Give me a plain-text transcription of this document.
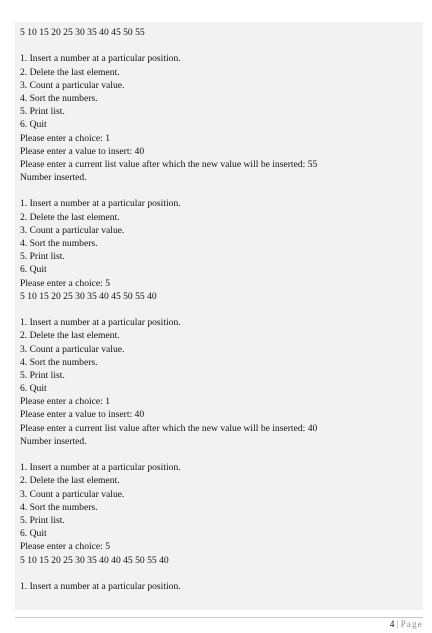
5 10 15 20 25 30 35 40 45 50 55
1. Insert a number at a particular position.
2. Delete the last element.
3. Count a particular value.
4. Sort the numbers.
5. Print list.
6. Quit
Please enter a choice: 1
Please enter a value to insert: 40
Please enter a current list value after which the new value will be inserted: 55
Number inserted.
1. Insert a number at a particular position.
2. Delete the last element.
3. Count a particular value.
4. Sort the numbers.
5. Print list.
6. Quit
Please enter a choice: 5
5 10 15 20 25 30 35 40 45 50 55 40
1. Insert a number at a particular position.
2. Delete the last element.
3. Count a particular value.
4. Sort the numbers.
5. Print list.
6. Quit
Please enter a choice: 1
Please enter a value to insert: 40
Please enter a current list value after which the new value will be inserted: 40
Number inserted.
1. Insert a number at a particular position.
2. Delete the last element.
3. Count a particular value.
4. Sort the numbers.
5. Print list.
6. Quit
Please enter a choice: 5
5 10 15 20 25 30 35 40 40 45 50 55 40
1. Insert a number at a particular position.
4 | Page
